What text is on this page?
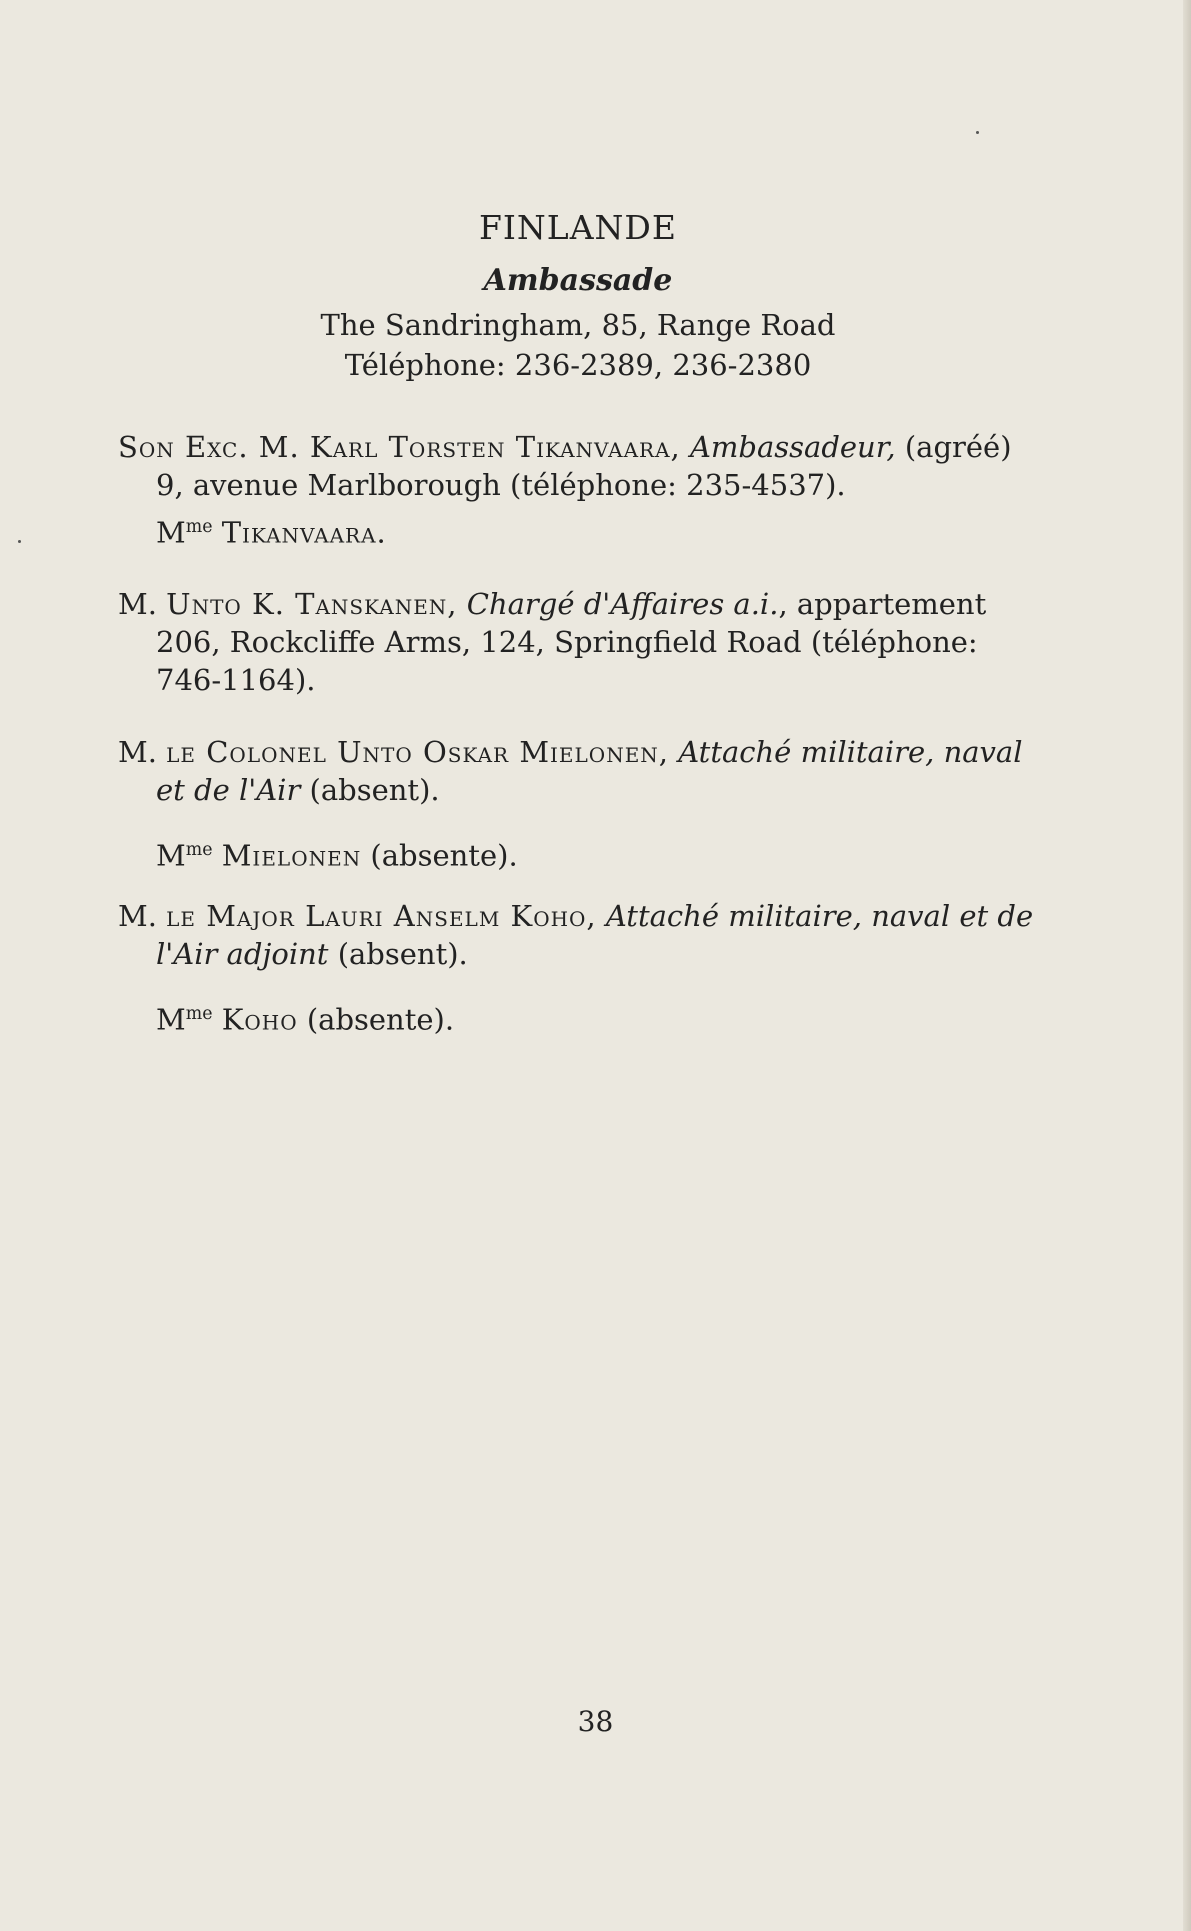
FINLANDE
Ambassade
The Sandringham, 85, Range Road
Téléphone: 236-2389, 236-2380

Son Exc. M. Karl Torsten Tikanvaara, Ambassadeur, (agréé) 9, avenue Marlborough (téléphone: 235-4537).

$M^{me}$ Tikanvaara.

M. Unto K. Tanskanen, Chargé d'Affaires a.i., appartement 206, Rockcliffe Arms, 124, Springfield Road (téléphone: 746-1164).

M. le Colonel Unto Oskar Mielonen, Attaché militaire, naval et de l'Air (absent).

$M^{me}$ Mielonen (absente).

M. le Major Lauri Anselm Koho, Attaché militaire, naval et de l'Air adjoint (absent).

$M^{me}$ Koho (absente).

38
